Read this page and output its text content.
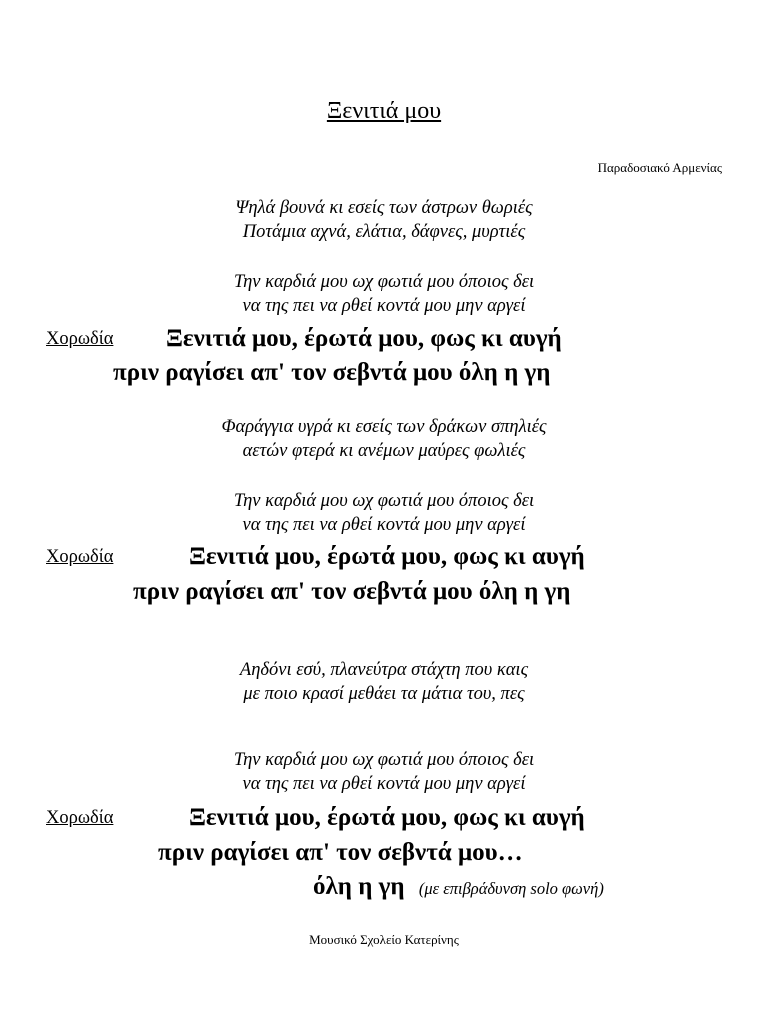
Ξενιτιά μου
Παραδοσιακό Αρμενίας
Ψηλά βουνά κι εσείς των άστρων θωριές
Ποτάμια αχνά, ελάτια, δάφνες, μυρτιές
Την καρδιά μου ωχ φωτιά μου όποιος δει
να της πει να ρθεί κοντά μου μην αργεί
Χορωδία Ξενιτιά μου, έρωτά μου, φως κι αυγή
πριν ραγίσει απ' τον σεβντά μου όλη η γη
Φαράγγια υγρά κι εσείς των δράκων σπηλιές
αετών φτερά κι ανέμων μαύρες φωλιές
Την καρδιά μου ωχ φωτιά μου όποιος δει
να της πει να ρθεί κοντά μου μην αργεί
Χορωδία	Ξενιτιά μου, έρωτά μου, φως κι αυγή
πριν ραγίσει απ' τον σεβντά μου όλη η γη
Αηδόνι εσύ, πλανεύτρα στάχτη που καις
με ποιο κρασί μεθάει τα μάτια του, πες
Την καρδιά μου ωχ φωτιά μου όποιος δει
να της πει να ρθεί κοντά μου μην αργεί
Χορωδία	Ξενιτιά μου, έρωτά μου, φως κι αυγή
πριν ραγίσει απ' τον σεβντά μου…
όλη η γη (με επιβράδυνση solo φωνή)
Μουσικό Σχολείο Κατερίνης
